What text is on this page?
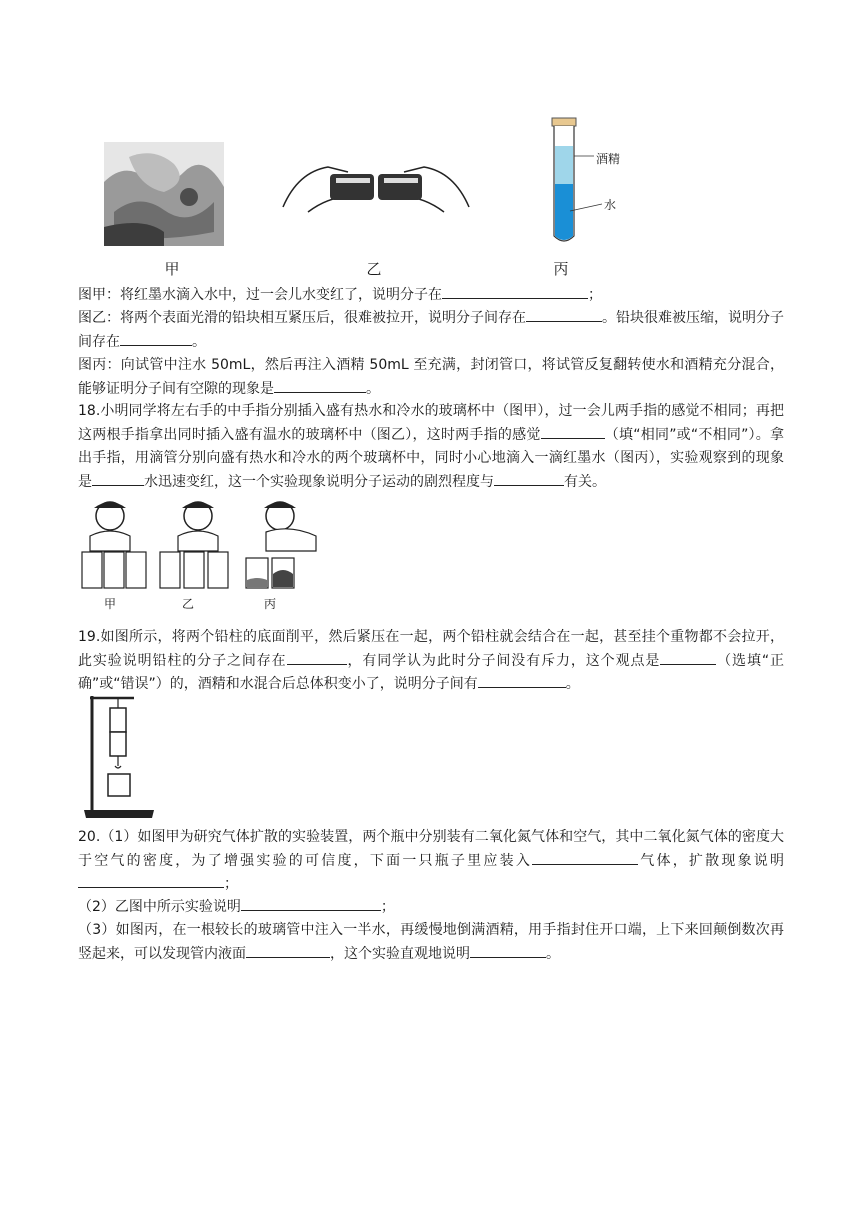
酒精
水
甲	乙	丙

图甲：将红墨水滴入水中，过一会儿水变红了，说明分子在	；

图乙：将两个表面光滑的铅块相互紧压后，很难被拉开，说明分子间存在	。铅块很难被压缩，说明分子间存在	。

图丙：向试管中注水 50mL，然后再注入酒精 50mL 至充满，封闭管口，将试管反复翻转使水和酒精充分混合，能够证明分子间有空隙的现象是	。

18.小明同学将左右手的中手指分别插入盛有热水和冷水的玻璃杯中（图甲），过一会儿两手指的感觉不相同；再把这两根手指拿出同时插入盛有温水的玻璃杯中（图乙），这时两手指的感觉	（填“相同”或“不相同”）。拿出手指，用滴管分别向盛有热水和冷水的两个玻璃杯中，同时小心地滴入一滴红墨水（图丙），实验观察到的现象是	水迅速变红，这一个实验现象说明分子运动的剧烈程度与	有关。

甲	乙	丙

19.如图所示，将两个铅柱的底面削平，然后紧压在一起，两个铅柱就会结合在一起，甚至挂个重物都不会拉开，此实验说明铅柱的分子之间存在	，有同学认为此时分子间没有斥力，这个观点是	（选填“正确”或“错误”）的，酒精和水混合后总体积变小了，说明分子间有	。

20.（1）如图甲为研究气体扩散的实验装置，两个瓶中分别装有二氧化氮气体和空气，其中二氧化氮气体的密度大于空气的密度，为了增强实验的可信度，下面一只瓶子里应装入	气体，扩散现象说明；

（2）乙图中所示实验说明	；

（3）如图丙，在一根较长的玻璃管中注入一半水，再缓慢地倒满酒精，用手指封住开口端，上下来回颠倒数次再竖起来，可以发现管内液面	，这个实验直观地说明	。
